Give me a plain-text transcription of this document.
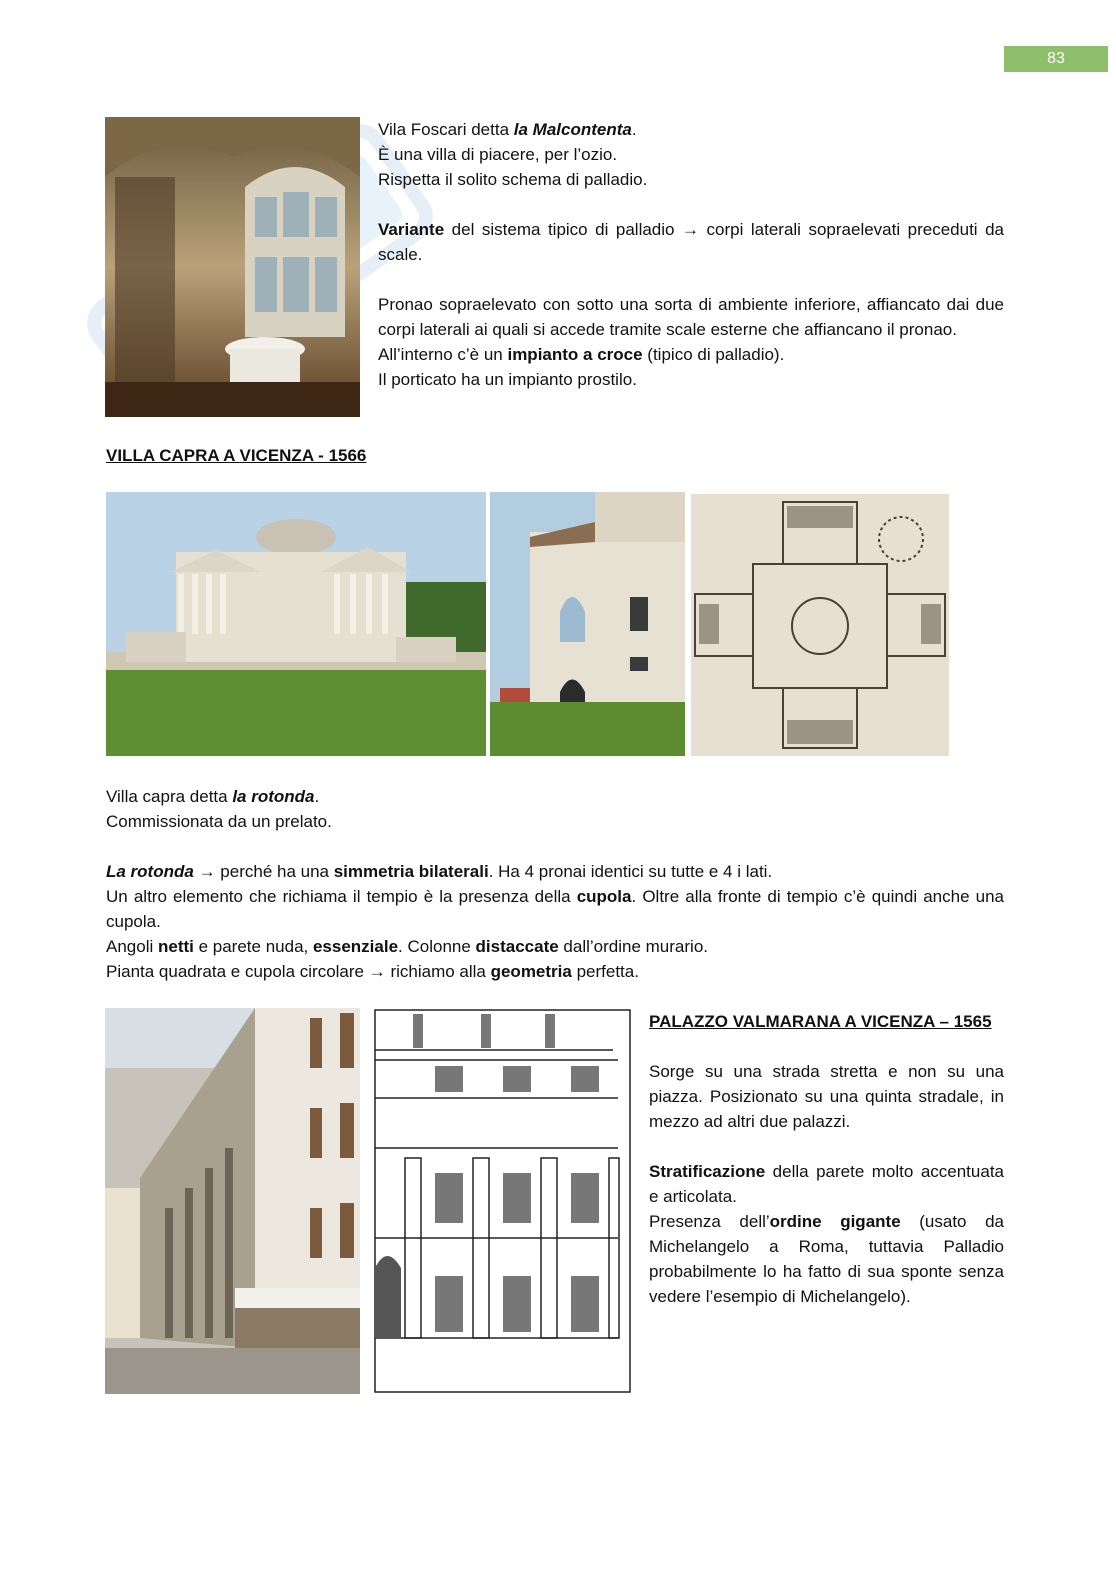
83

Vila Foscari detta la Malcontenta.

È una villa di piacere, per l’ozio.

Rispetta il solito schema di palladio.

Variante del sistema tipico di palladio → corpi laterali sopraelevati preceduti da scale.

Pronao sopraelevato con sotto una sorta di ambiente inferiore, affiancato dai due corpi laterali ai quali si accede tramite scale esterne che affiancano il pronao.

All’interno c’è un impianto a croce (tipico di palladio).

Il porticato ha un impianto prostilo.

VILLA CAPRA A VICENZA - 1566

Villa capra detta la rotonda.

Commissionata da un prelato.

La rotonda → perché ha una simmetria bilaterali. Ha 4 pronai identici su tutte e 4 i lati.

Un altro elemento che richiama il tempio è la presenza della cupola. Oltre alla fronte di tempio c’è quindi anche una cupola.

Angoli netti e parete nuda, essenziale. Colonne distaccate dall’ordine murario.

Pianta quadrata e cupola circolare → richiamo alla geometria perfetta.

PALAZZO VALMARANA A VICENZA – 1565

Sorge su una strada stretta e non su una piazza. Posizionato su una quinta stradale, in mezzo ad altri due palazzi.

Stratificazione della parete molto accentuata e articolata.

Presenza dell’ordine gigante (usato da Michelangelo a Roma, tuttavia Palladio probabilmente lo ha fatto di sua sponte senza vedere l’esempio di Michelangelo).
